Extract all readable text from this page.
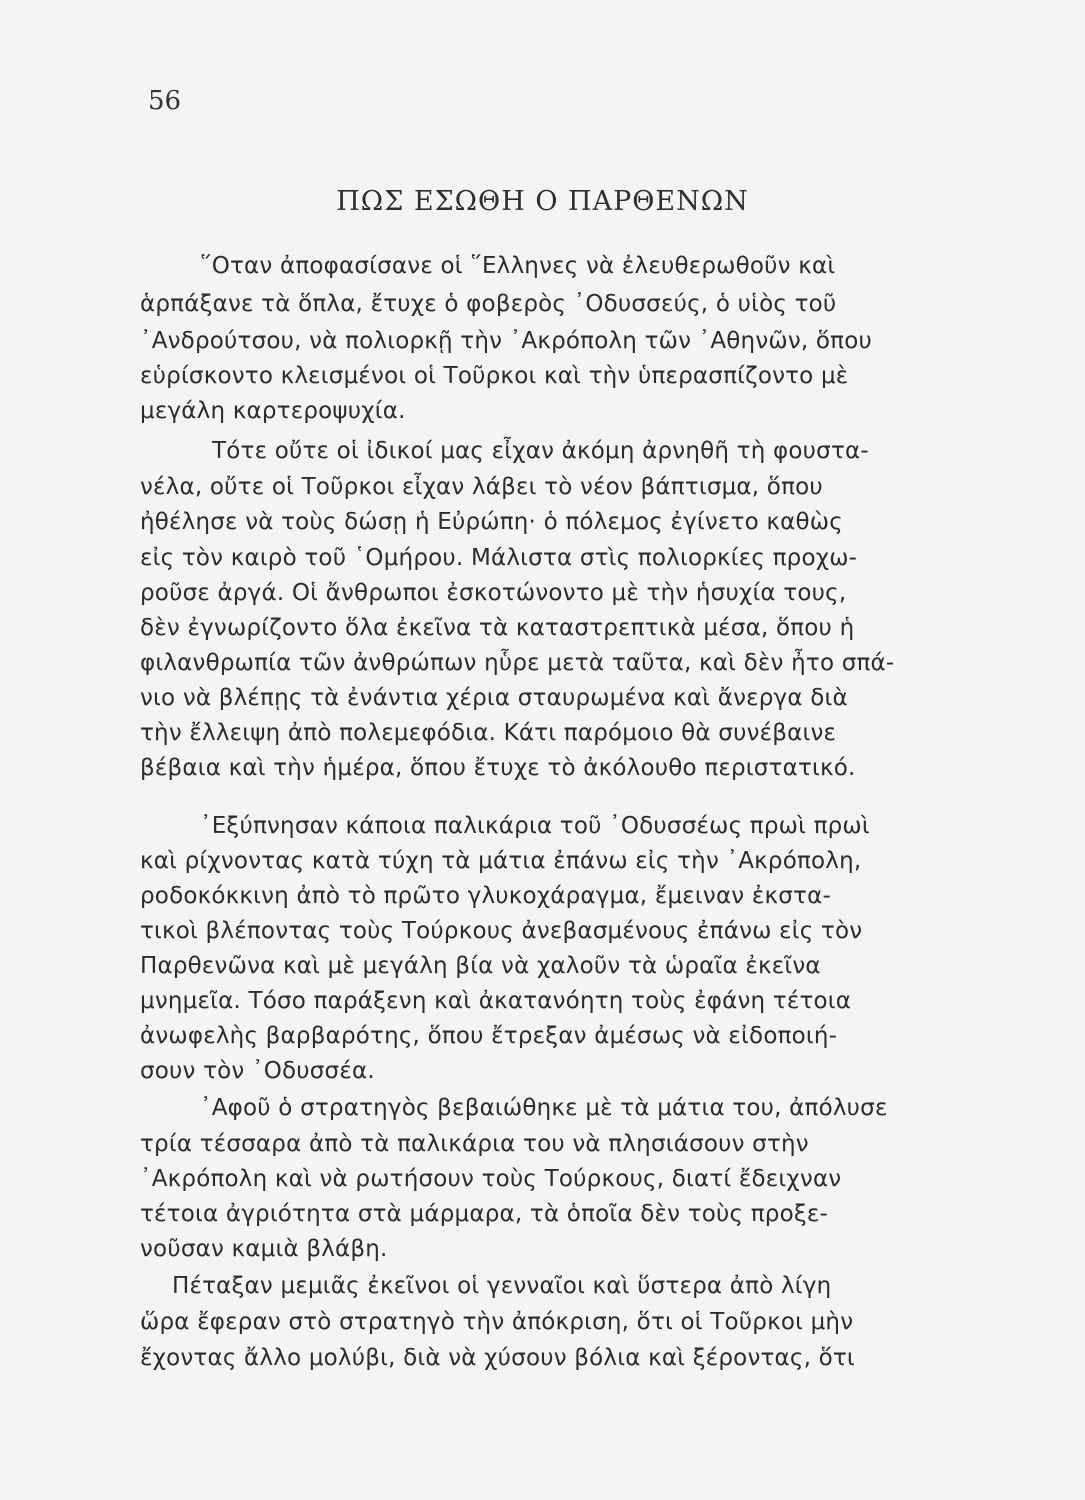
56
ΠΩΣ ΕΣΩΘΗ Ο ΠΑΡΘΕΝΩΝ
῞Οταν ἀποφασίσανε οἱ ῞Ελληνες νὰ ἐλευθερωθοῦν καὶ
ἁρπάξανε τὰ ὅπλα, ἔτυχε ὁ φοβερὸς ᾿Οδυσσεύς, ὁ υἱὸς τοῦ
᾿Ανδρούτσου, νὰ πολιορκῇ τὴν ᾿Ακρόπολη τῶν ᾿Αθηνῶν, ὅπου
εὑρίσκοντο κλεισμένοι οἱ Τοῦρκοι καὶ τὴν ὑπερασπίζοντο μὲ
μεγάλη καρτεροψυχία.
Τότε οὔτε οἱ ἰδικοί μας εἶχαν ἀκόμη ἀρνηθῆ τὴ φουστα-
νέλα, οὔτε οἱ Τοῦρκοι εἶχαν λάβει τὸ νέον βάπτισμα, ὅπου
ἠθέλησε νὰ τοὺς δώσῃ ἡ Εὐρώπη· ὁ πόλεμος ἐγίνετο καθὼς
εἰς τὸν καιρὸ τοῦ ῾Ομήρου. Μάλιστα στὶς πολιορκίες προχω-
ροῦσε ἀργά. Οἱ ἄνθρωποι ἐσκοτώνοντο μὲ τὴν ἡσυχία τους,
δὲν ἐγνωρίζοντο ὅλα ἐκεῖνα τὰ καταστρεπτικὰ μέσα, ὅπου ἡ
φιλανθρωπία τῶν ἀνθρώπων ηὗρε μετὰ ταῦτα, καὶ δὲν ἦτο σπά-
νιο νὰ βλέπῃς τὰ ἐνάντια χέρια σταυρωμένα καὶ ἄνεργα διὰ
τὴν ἔλλειψη ἀπὸ πολεμεφόδια. Κάτι παρόμοιο θὰ συνέβαινε
βέβαια καὶ τὴν ἡμέρα, ὅπου ἔτυχε τὸ ἀκόλουθο περιστατικό.
᾿Εξύπνησαν κάποια παλικάρια τοῦ ᾿Οδυσσέως πρωὶ πρωὶ
καὶ ρίχνοντας κατὰ τύχη τὰ μάτια ἐπάνω εἰς τὴν ᾿Ακρόπολη,
ροδοκόκκινη ἀπὸ τὸ πρῶτο γλυκοχάραγμα, ἔμειναν ἐκστα-
τικοὶ βλέποντας τοὺς Τούρκους ἀνεβασμένους ἐπάνω εἰς τὸν
Παρθενῶνα καὶ μὲ μεγάλη βία νὰ χαλοῦν τὰ ὡραῖα ἐκεῖνα
μνημεῖα. Τόσο παράξενη καὶ ἀκατανόητη τοὺς ἐφάνη τέτοια
ἀνωφελὴς βαρβαρότης, ὅπου ἔτρεξαν ἀμέσως νὰ εἰδοποιή-
σουν τὸν ᾿Οδυσσέα.
᾿Αφοῦ ὁ στρατηγὸς βεβαιώθηκε μὲ τὰ μάτια του, ἀπόλυσε
τρία τέσσαρα ἀπὸ τὰ παλικάρια του νὰ πλησιάσουν στὴν
᾿Ακρόπολη καὶ νὰ ρωτήσουν τοὺς Τούρκους, διατί ἔδειχναν
τέτοια ἀγριότητα στὰ μάρμαρα, τὰ ὁποῖα δὲν τοὺς προξε-
νοῦσαν καμιὰ βλάβη.
Πέταξαν μεμιᾶς ἐκεῖνοι οἱ γενναῖοι καὶ ὕστερα ἀπὸ λίγη
ὥρα ἔφεραν στὸ στρατηγὸ τὴν ἀπόκριση, ὅτι οἱ Τοῦρκοι μὴν
ἔχοντας ἄλλο μολύβι, διὰ νὰ χύσουν βόλια καὶ ξέροντας, ὅτι
